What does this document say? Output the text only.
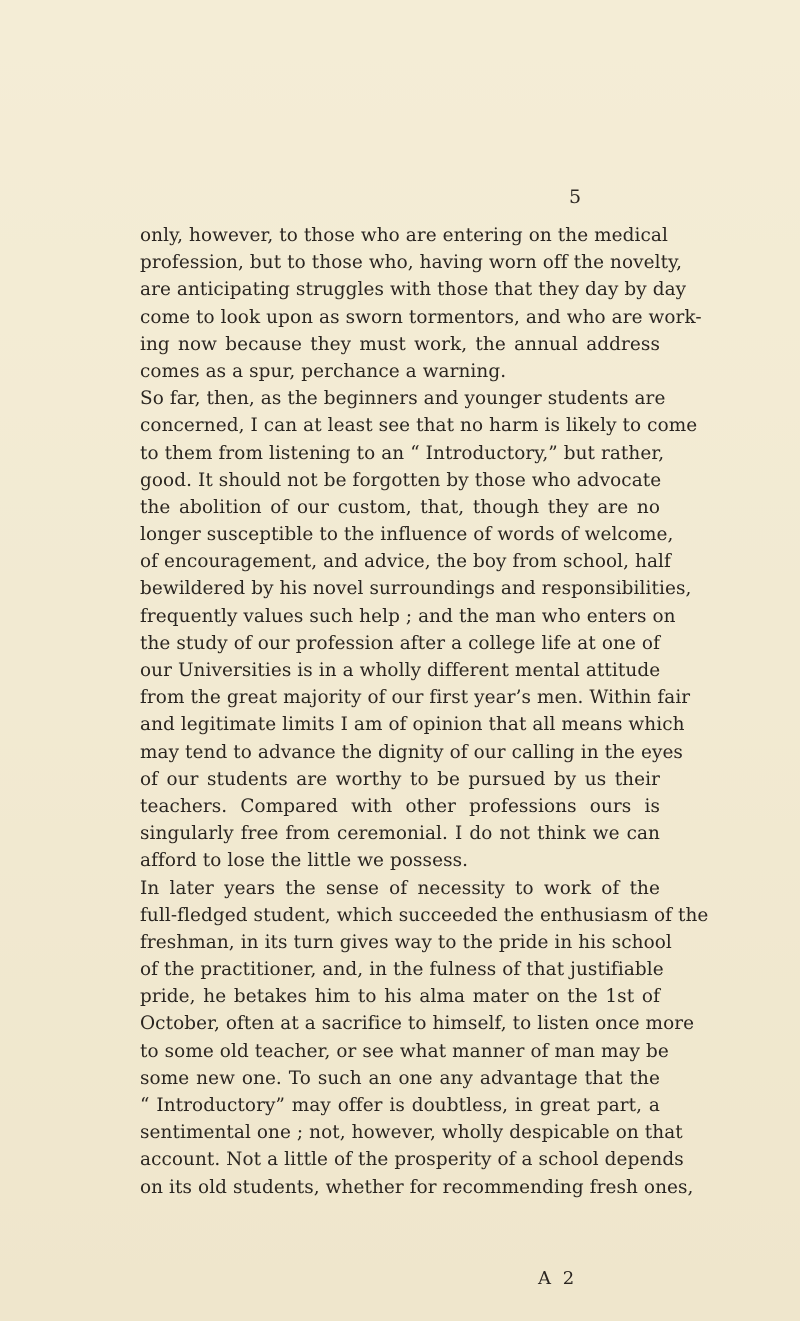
5
only, however, to those who are entering on the medical
profession, but to those who, having worn off the novelty,
are anticipating struggles with those that they day by day
come to look upon as sworn tormentors, and who are work-
ing now because they must work, the annual address
comes as a spur, perchance a warning.
So far, then, as the beginners and younger students are
concerned, I can at least see that no harm is likely to come
to them from listening to an “ Introductory,” but rather,
good. It should not be forgotten by those who advocate
the abolition of our custom, that, though they are no
longer susceptible to the influence of words of welcome,
of encouragement, and advice, the boy from school, half
bewildered by his novel surroundings and responsibilities,
frequently values such help ; and the man who enters on
the study of our profession after a college life at one of
our Universities is in a wholly different mental attitude
from the great majority of our first year’s men. Within fair
and legitimate limits I am of opinion that all means which
may tend to advance the dignity of our calling in the eyes
of our students are worthy to be pursued by us their
teachers. Compared with other professions ours is
singularly free from ceremonial. I do not think we can
afford to lose the little we possess.
In later years the sense of necessity to work of the
full-fledged student, which succeeded the enthusiasm of the
freshman, in its turn gives way to the pride in his school
of the practitioner, and, in the fulness of that justifiable
pride, he betakes him to his alma mater on the 1st of
October, often at a sacrifice to himself, to listen once more
to some old teacher, or see what manner of man may be
some new one. To such an one any advantage that the
“ Introductory” may offer is doubtless, in great part, a
sentimental one ; not, however, wholly despicable on that
account. Not a little of the prosperity of a school depends
on its old students, whether for recommending fresh ones,
A 2
